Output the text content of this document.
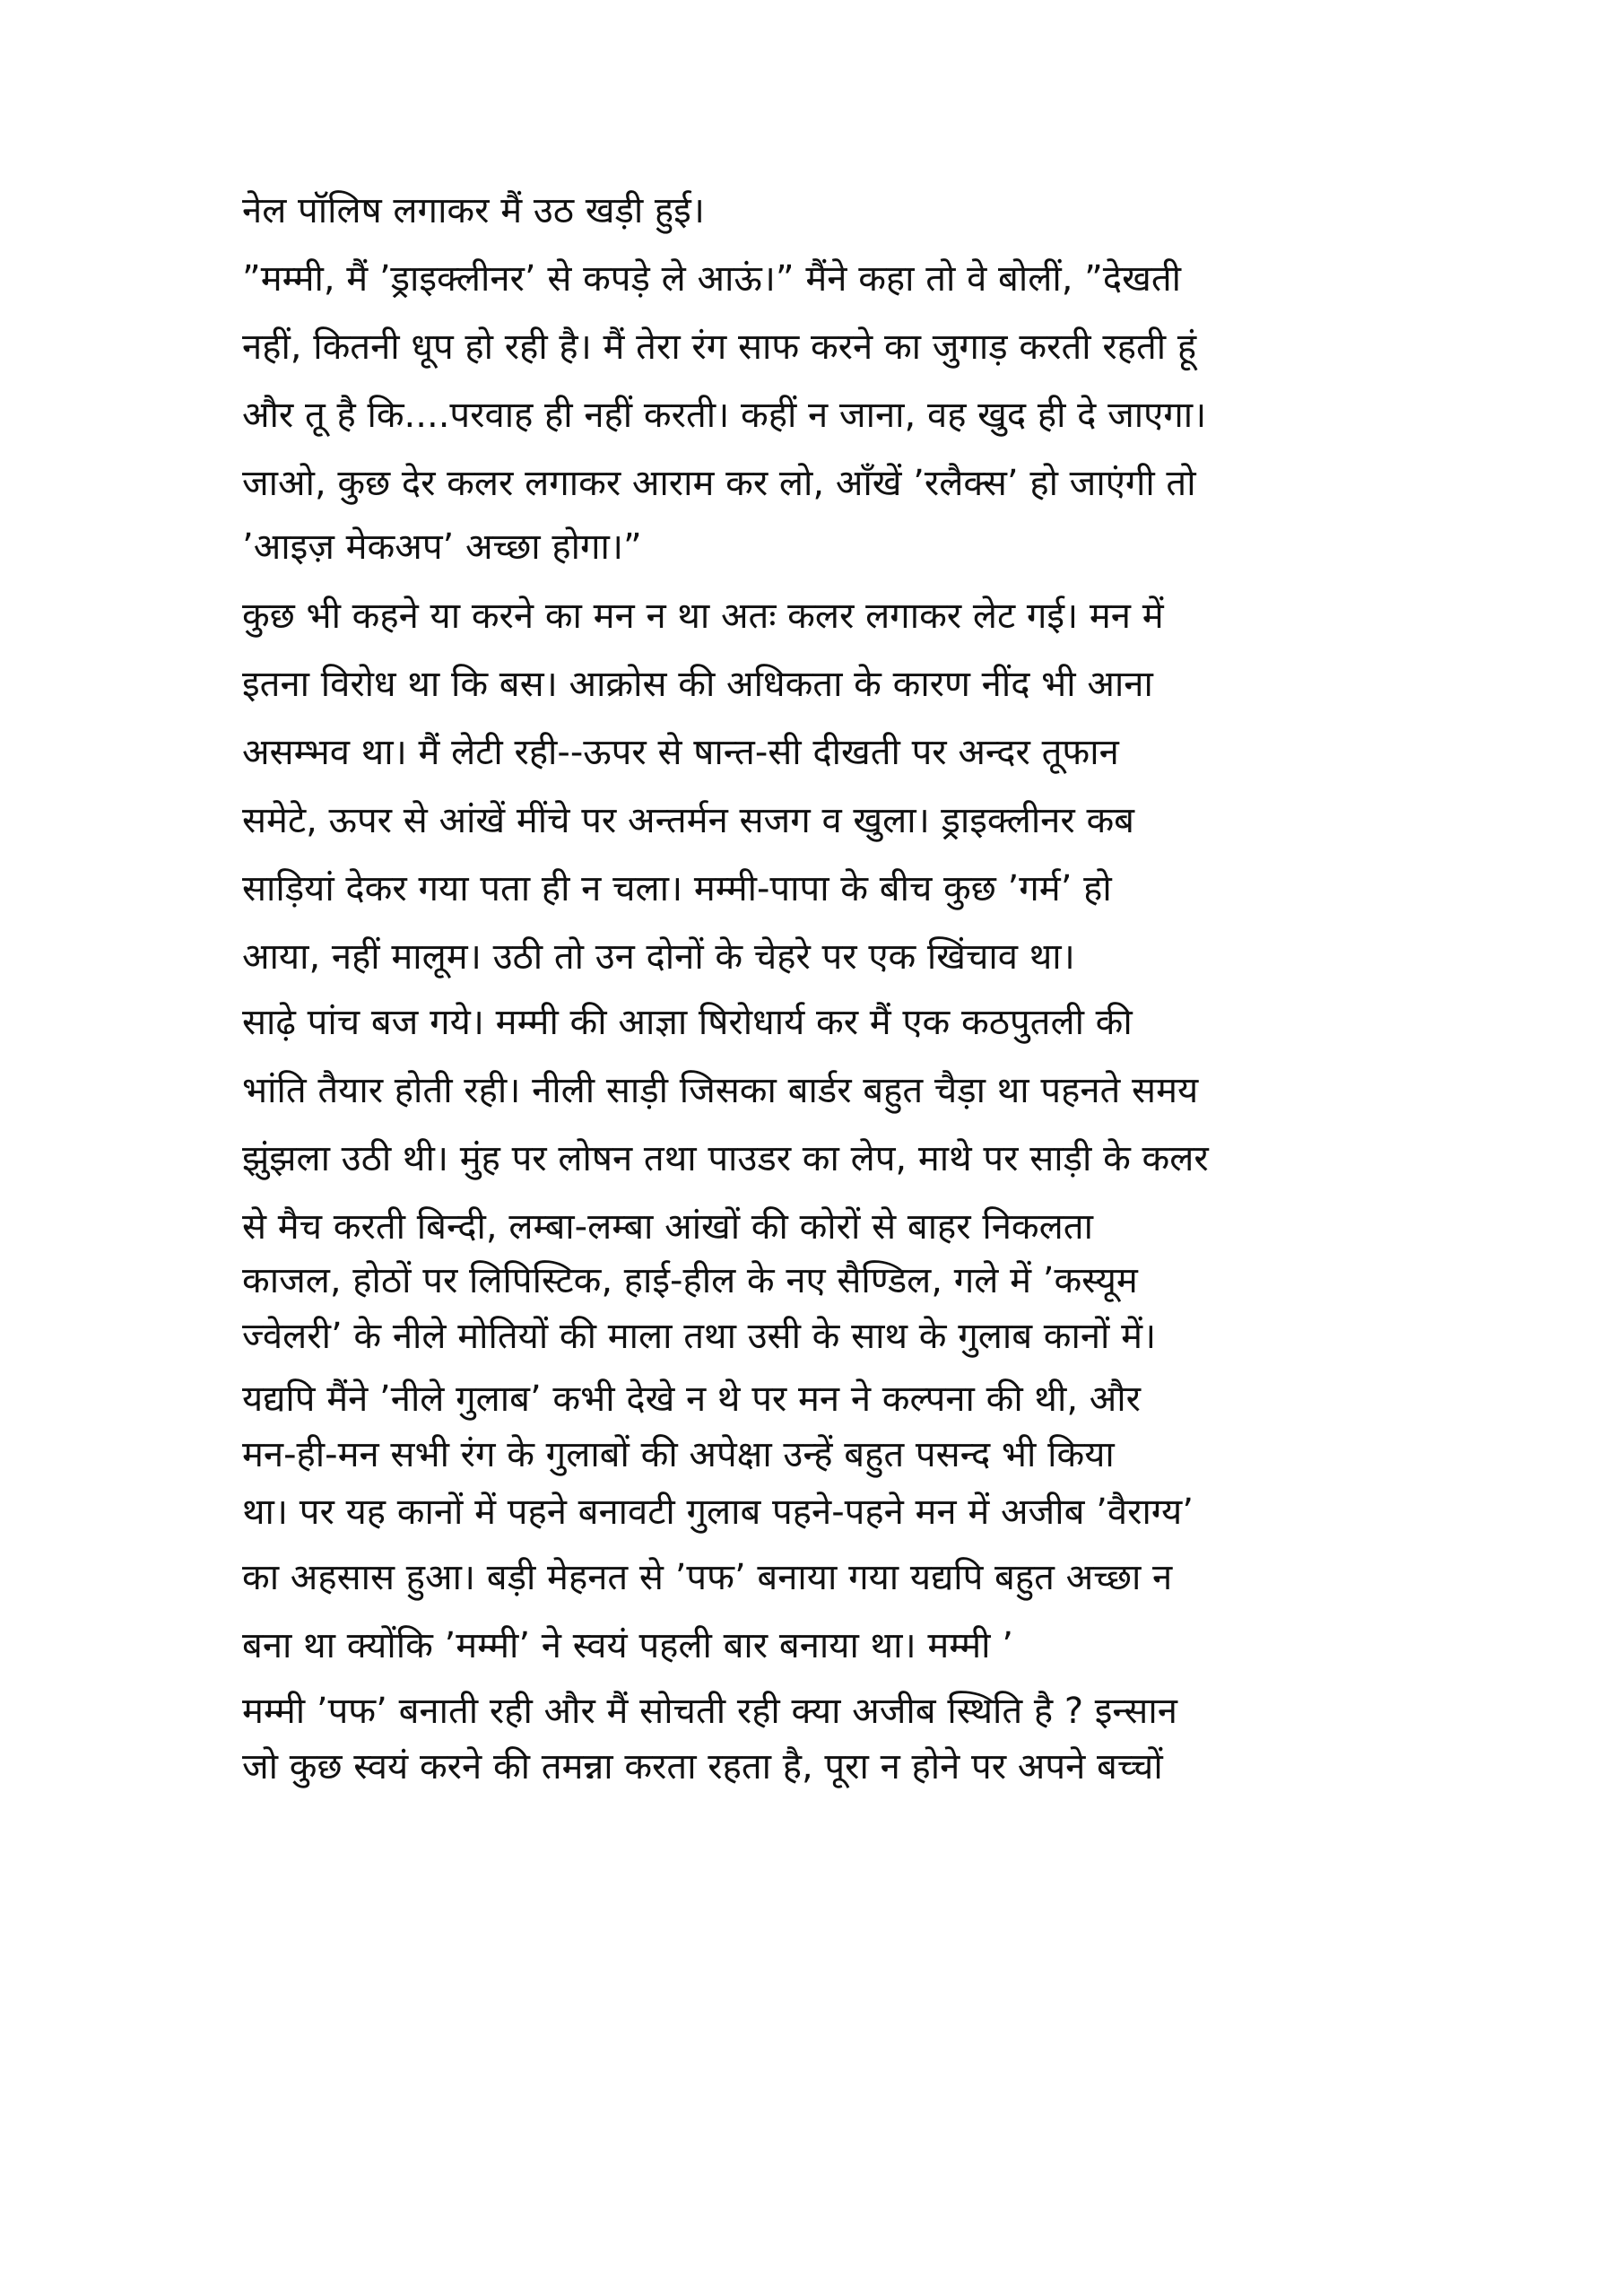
नेल पॉलिष लगाकर मैं उठ खड़ी हुई।
”मम्मी, मैं ’ड्राइक्लीनर’ से कपड़े ले आऊं।” मैंने कहा तो वे बोलीं, ”देखती
नहीं, कितनी धूप हो रही है। मैं तेरा रंग साफ करने का जुगाड़ करती रहती हूं
और तू है कि....परवाह ही नहीं करती। कहीं न जाना, वह खुद ही दे जाएगा।
जाओ, कुछ देर कलर लगाकर आराम कर लो, आँखें ’रलैक्स’ हो जाएंगी तो
’आइज़ मेकअप’ अच्छा होगा।”
कुछ भी कहने या करने का मन न था अतः कलर लगाकर लेट गई। मन में
इतना विरोध था कि बस। आक्रोस की अधिकता के कारण नींद भी आना
असम्भव था। मैं लेटी रही--ऊपर से षान्त-सी दीखती पर अन्दर तूफान
समेटे, ऊपर से आंखें मींचे पर अन्तर्मन सजग व खुला। ड्राइक्लीनर कब
साड़ियां देकर गया पता ही न चला। मम्मी-पापा के बीच कुछ ’गर्म’ हो
आया, नहीं मालूम। उठी तो उन दोनों के चेहरे पर एक खिंचाव था।
साढ़े पांच बज गये। मम्मी की आज्ञा षिरोधार्य कर मैं एक कठपुतली की
भांति तैयार होती रही। नीली साड़ी जिसका बार्डर बहुत चैड़ा था पहनते समय
झुंझला उठी थी। मुंह पर लोषन तथा पाउडर का लेप, माथे पर साड़ी के कलर
से मैच करती बिन्दी, लम्बा-लम्बा आंखों की कोरों से बाहर निकलता
काजल, होठों पर लिपिस्टिक, हाई-हील के नए सैण्डिल, गले में ’कस्यूम
ज्वेलरी’ के नीले मोतियों की माला तथा उसी के साथ के गुलाब कानों में।
यद्यपि मैंने ’नीले गुलाब’ कभी देखे न थे पर मन ने कल्पना की थी, और
मन-ही-मन सभी रंग के गुलाबों की अपेक्षा उन्हें बहुत पसन्द भी किया
था। पर यह कानों में पहने बनावटी गुलाब पहने-पहने मन में अजीब ’वैराग्य’
का अहसास हुआ। बड़ी मेहनत से ’पफ’ बनाया गया यद्यपि बहुत अच्छा न
बना था क्योंकि ’मम्मी’ ने स्वयं पहली बार बनाया था। मम्मी ’
मम्मी ’पफ’ बनाती रही और मैं सोचती रही क्या अजीब स्थिति है ? इन्सान
जो कुछ स्वयं करने की तमन्ना करता रहता है, पूरा न होने पर अपने बच्चों
